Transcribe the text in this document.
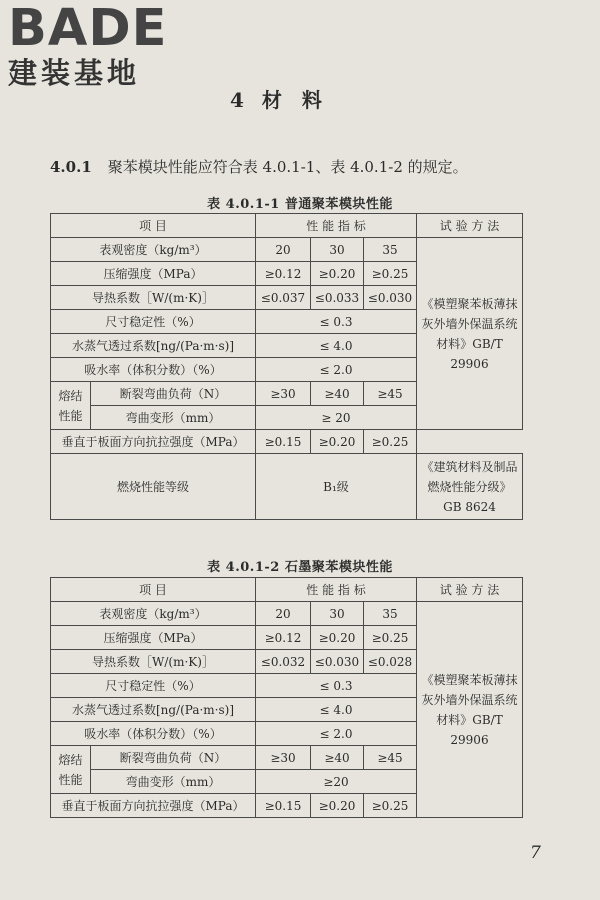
BADE
建装基地
4 材  料
4.0.1 聚苯模块性能应符合表 4.0.1-1、表 4.0.1-2 的规定。
表 4.0.1-1 普通聚苯模块性能
项 目		性 能 指 标			试 验 方 法
表观密度（kg/m³）		20	30	35	《模塑聚苯板薄抹灰外墙外保温系统材料》GB/T 29906
压缩强度（MPa）		≥0.12	≥0.20	≥0.25	
导热系数［W/(m·K)］		≤0.037	≤0.033	≤0.030	
尺寸稳定性（%）		≤ 0.3			
水蒸气透过系数[ng/(Pa·m·s)]		≤ 4.0			
吸水率（体积分数）（%）		≤ 2.0			
熔结性能	断裂弯曲负荷（N）	≥30	≥40	≥45	
	弯曲变形（mm）	≥ 20			
垂直于板面方向抗拉强度（MPa）		≥0.15	≥0.20	≥0.25	
燃烧性能等级		B₁级			《建筑材料及制品燃烧性能分级》GB 8624
表 4.0.1-2 石墨聚苯模块性能
项 目		性 能 指 标			试 验 方 法
表观密度（kg/m³）		20	30	35	《模塑聚苯板薄抹灰外墙外保温系统材料》GB/T 29906
压缩强度（MPa）		≥0.12	≥0.20	≥0.25	
导热系数［W/(m·K)］		≤0.032	≤0.030	≤0.028	
尺寸稳定性（%）		≤ 0.3			
水蒸气透过系数[ng/(Pa·m·s)]		≤ 4.0			
吸水率（体积分数）（%）		≤ 2.0			
熔结性能	断裂弯曲负荷（N）	≥30	≥40	≥45	
	弯曲变形（mm）	≥20			
垂直于板面方向抗拉强度（MPa）		≥0.15	≥0.20	≥0.25	
7
